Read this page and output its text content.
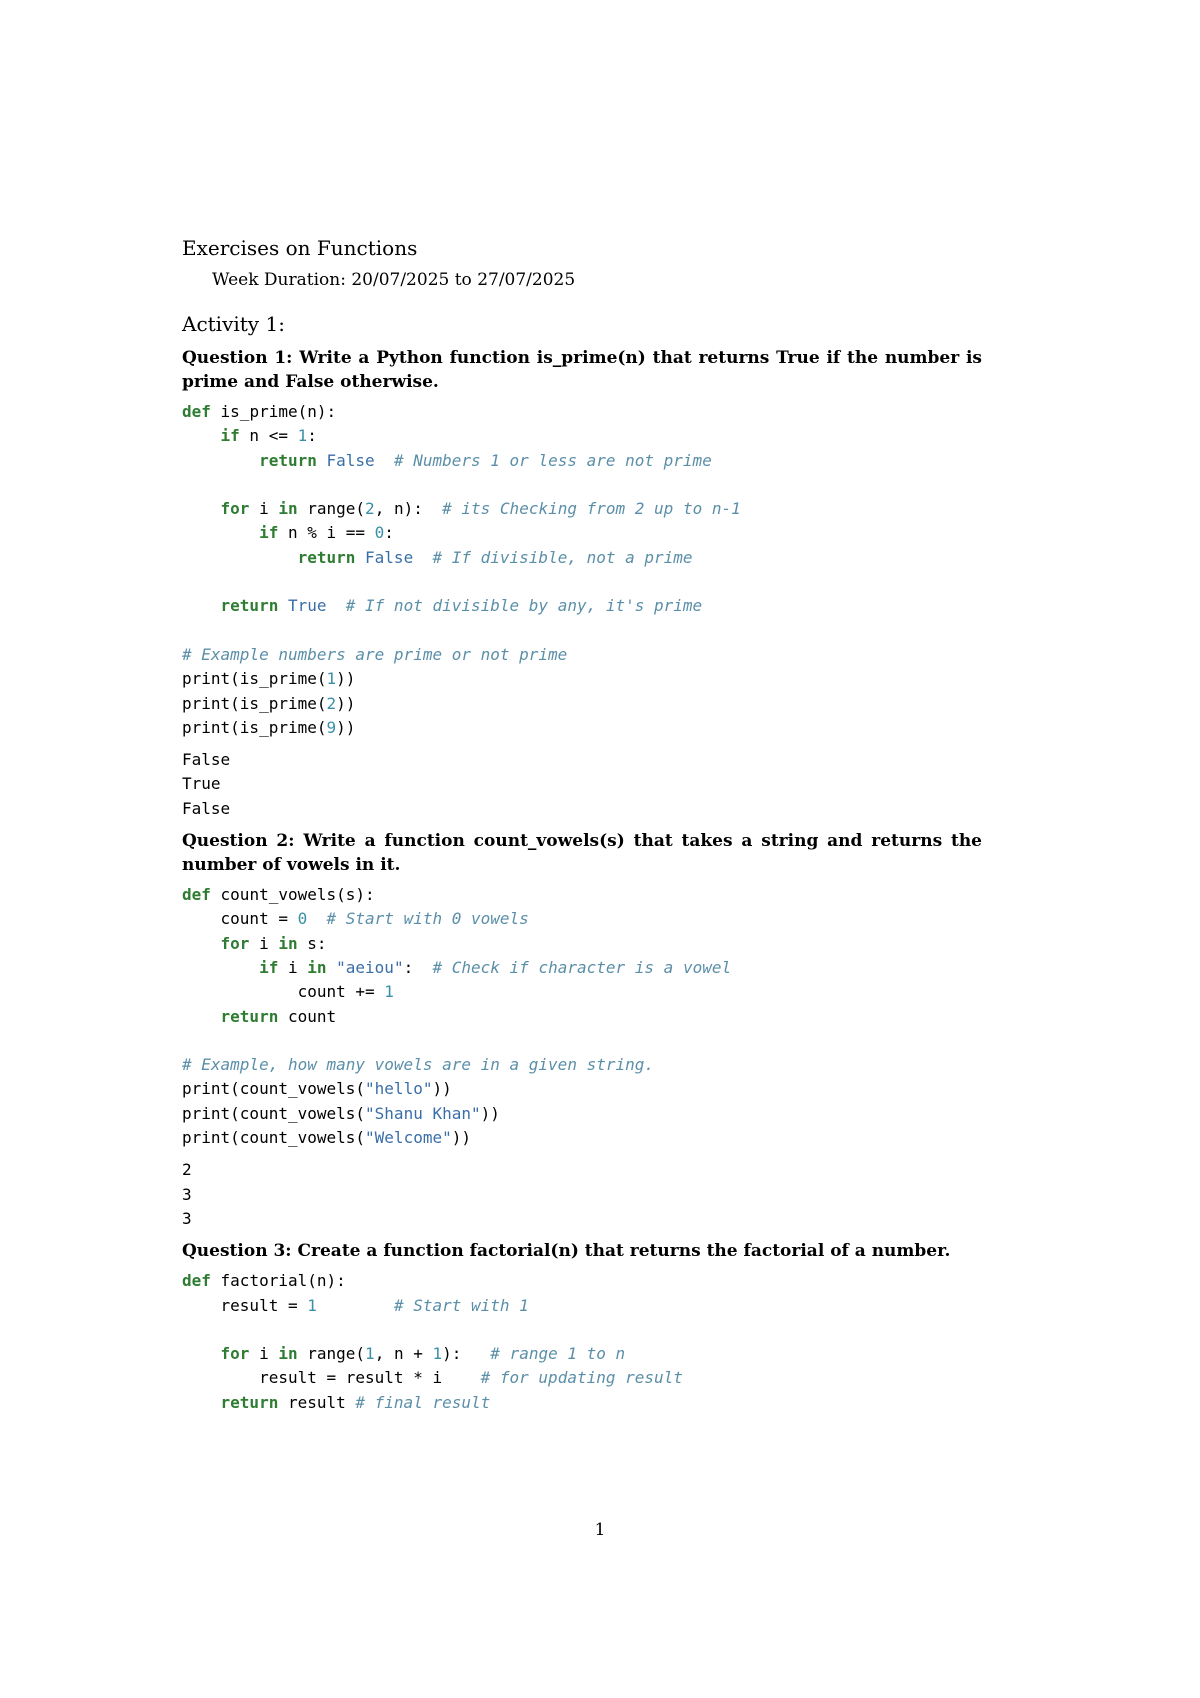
Exercises on Functions
Week Duration: 20/07/2025 to 27/07/2025
Activity 1:
Question 1: Write a Python function is_prime(n) that returns True if the number is prime and False otherwise.
def is_prime(n):
if n <= 1:
return False # Numbers 1 or less are not prime
for i in range(2, n):  # its Checking from 2 up to n-1
if n % i == 0:
return False # If divisible, not a prime
return True # If not divisible by any, it's prime
# Example numbers are prime or not prime
print(is_prime(1))
print(is_prime(2))
print(is_prime(9))
False
True
False
Question 2: Write a function count_vowels(s) that takes a string and returns the number of vowels in it.
def count_vowels(s):
count = 0 # Start with 0 vowels
for i in s:
if i in "aeiou":  # Check if character is a vowel
count += 1
return count
# Example, how many vowels are in a given string.
print(count_vowels("hello"))
print(count_vowels("Shanu Khan"))
print(count_vowels("Welcome"))
2
3
3
Question 3: Create a function factorial(n) that returns the factorial of a number.
def factorial(n):
result = 1	# Start with 1
for i in range(1, n + 1):   # range 1 to n
result = result * i    # for updating result
return result # final result
1
